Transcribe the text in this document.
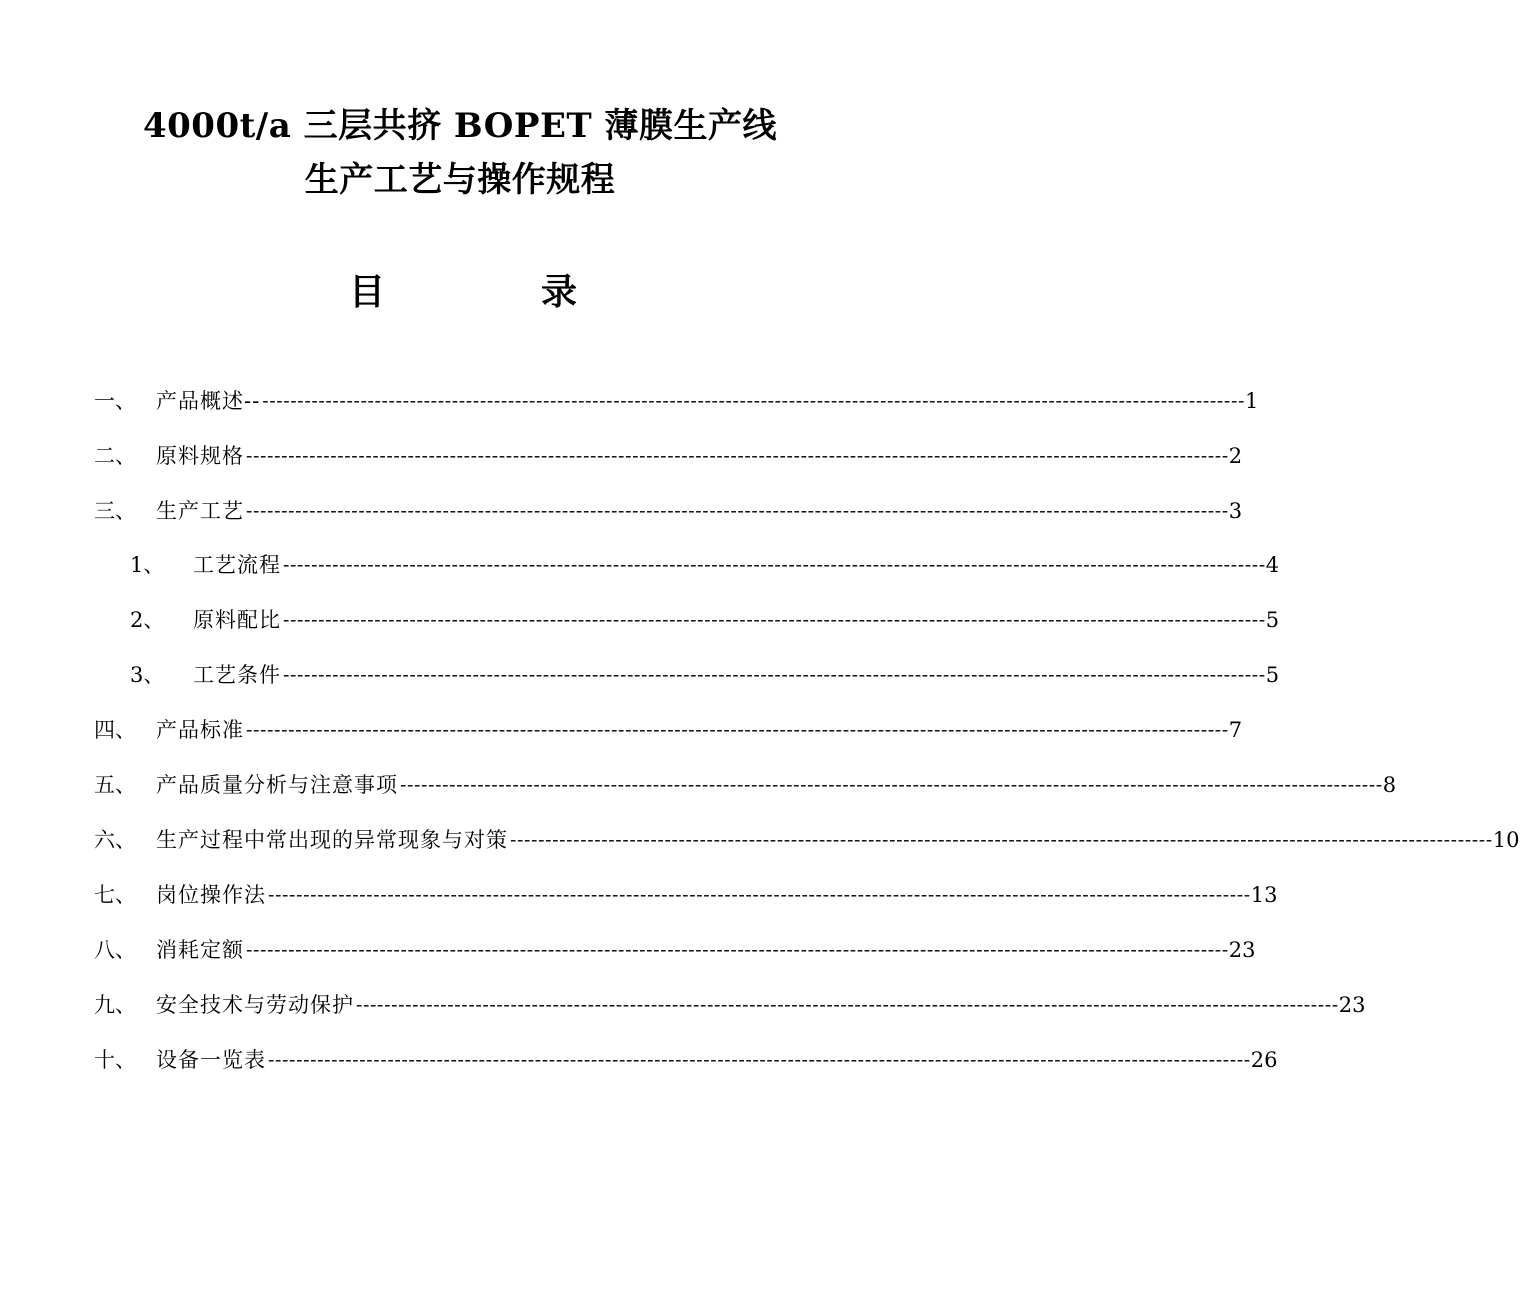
4000t/a 三层共挤 BOPET 薄膜生产线
生产工艺与操作规程
目	录
一、 产品概述-- -------------------------------------------------------------------------------------------------------------------------------------------- 1
二、 原料规格 -------------------------------------------------------------------------------------------------------------------------------------------- 2
三、 生产工艺 -------------------------------------------------------------------------------------------------------------------------------------------- 3
1、	工艺流程 -------------------------------------------------------------------------------------------------------------------------------------------- 4
2、	原料配比 -------------------------------------------------------------------------------------------------------------------------------------------- 5
3、	工艺条件 -------------------------------------------------------------------------------------------------------------------------------------------- 5
四、 产品标准 -------------------------------------------------------------------------------------------------------------------------------------------- 7
五、 产品质量分析与注意事项 -------------------------------------------------------------------------------------------------------------------------------------------- 8
六、 生产过程中常出现的异常现象与对策 -------------------------------------------------------------------------------------------------------------------------------------------- 10
七、 岗位操作法 -------------------------------------------------------------------------------------------------------------------------------------------- 13
八、 消耗定额 -------------------------------------------------------------------------------------------------------------------------------------------- 23
九、 安全技术与劳动保护 -------------------------------------------------------------------------------------------------------------------------------------------- 23
十、 设备一览表 -------------------------------------------------------------------------------------------------------------------------------------------- 26
